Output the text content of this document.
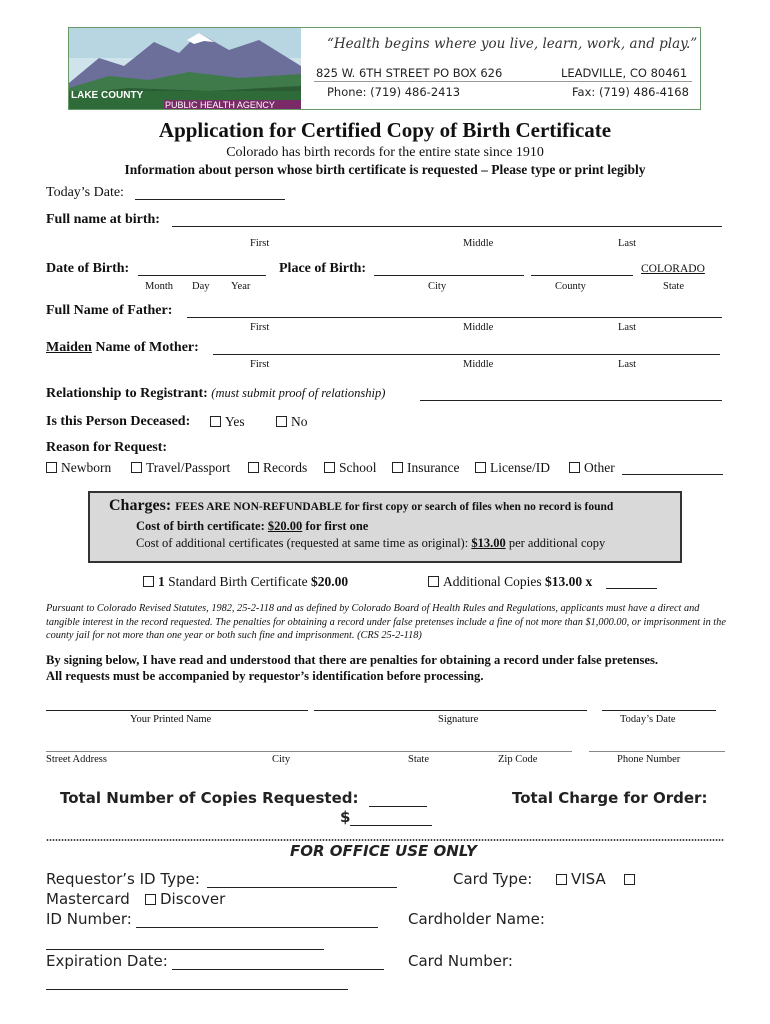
LAKE COUNTY
PUBLIC HEALTH AGENCY
“Health begins where you live, learn, work, and play.”
825 W. 6TH STREET PO BOX 626	LEADVILLE, CO 80461
Phone: (719) 486-2413	Fax: (719) 486-4168
Application for Certified Copy of Birth Certificate
Colorado has birth records for the entire state since 1910
Information about person whose birth certificate is requested – Please type or print legibly
Today’s Date:
Full name at birth:
First	Middle	Last
Date of Birth:	Place of Birth:	COLORADO
Month Day Year	City	County	State
Full Name of Father:
First	Middle	Last
Maiden Name of Mother:
First	Middle	Last
Relationship to Registrant: (must submit proof of relationship)
Is this Person Deceased:	Yes	No
Reason for Request:
Newborn	Travel/Passport	Records	School	Insurance	License/ID	Other
Charges: FEES ARE NON-REFUNDABLE for first copy or search of files when no record is found
Cost of birth certificate: $20.00 for first one
Cost of additional certificates (requested at same time as original): $13.00 per additional copy
1 Standard Birth Certificate $20.00	Additional Copies $13.00 x
Pursuant to Colorado Revised Statutes, 1982, 25-2-118 and as defined by Colorado Board of Health Rules and Regulations, applicants must have a direct and tangible interest in the record requested. The penalties for obtaining a record under false pretenses include a fine of not more than $1,000.00, or imprisonment in the county jail for not more than one year or both such fine and imprisonment. (CRS 25-2-118)
By signing below, I have read and understood that there are penalties for obtaining a record under false pretenses.
All requests must be accompanied by requestor’s identification before processing.
Your Printed Name	Signature	Today’s Date
Street Address	City	State	Zip Code	Phone Number
Total Number of Copies Requested:	Total Charge for Order:
$
FOR OFFICE USE ONLY
Requestor’s ID Type:	Card Type:	VISA
Mastercard	Discover
ID Number:	Cardholder Name:
Expiration Date:	Card Number:
